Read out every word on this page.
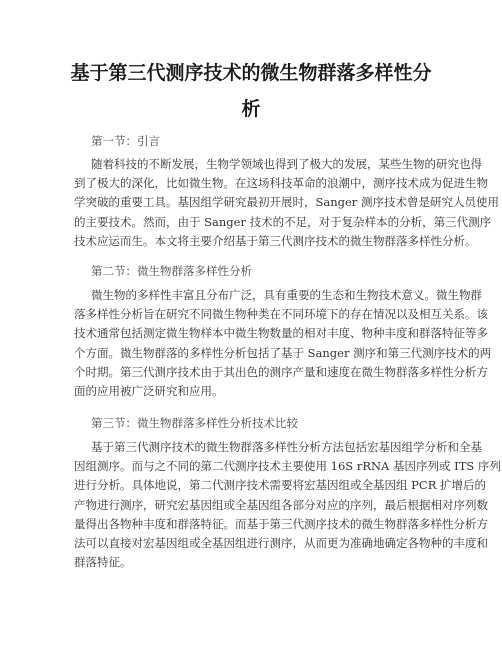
基于第三代测序技术的微生物群落多样性分
析
第一节：引言
随着科技的不断发展，生物学领域也得到了极大的发展，某些生物的研究也得
到了极大的深化，比如微生物。在这场科技革命的浪潮中，测序技术成为促进生物
学突破的重要工具。基因组学研究最初开展时，Sanger 测序技术曾是研究人员使用
的主要技术。然而，由于 Sanger 技术的不足，对于复杂样本的分析，第三代测序
技术应运而生。本文将主要介绍基于第三代测序技术的微生物群落多样性分析。
第二节：微生物群落多样性分析
微生物的多样性丰富且分布广泛，具有重要的生态和生物技术意义。微生物群
落多样性分析旨在研究不同微生物种类在不同环境下的存在情况以及相互关系。该
技术通常包括测定微生物样本中微生物数量的相对丰度、物种丰度和群落特征等多
个方面。微生物群落的多样性分析包括了基于 Sanger 测序和第三代测序技术的两
个时期。第三代测序技术由于其出色的测序产量和速度在微生物群落多样性分析方
面的应用被广泛研究和应用。
第三节：微生物群落多样性分析技术比较
基于第三代测序技术的微生物群落多样性分析方法包括宏基因组学分析和全基
因组测序。而与之不同的第二代测序技术主要使用 16S rRNA 基因序列或 ITS 序列
进行分析。具体地说，第二代测序技术需要将宏基因组或全基因组 PCR 扩增后的
产物进行测序，研究宏基因组或全基因组各部分对应的序列，最后根据相对序列数
量得出各物种丰度和群落特征。而基于第三代测序技术的微生物群落多样性分析方
法可以直接对宏基因组或全基因组进行测序，从而更为准确地确定各物种的丰度和
群落特征。
